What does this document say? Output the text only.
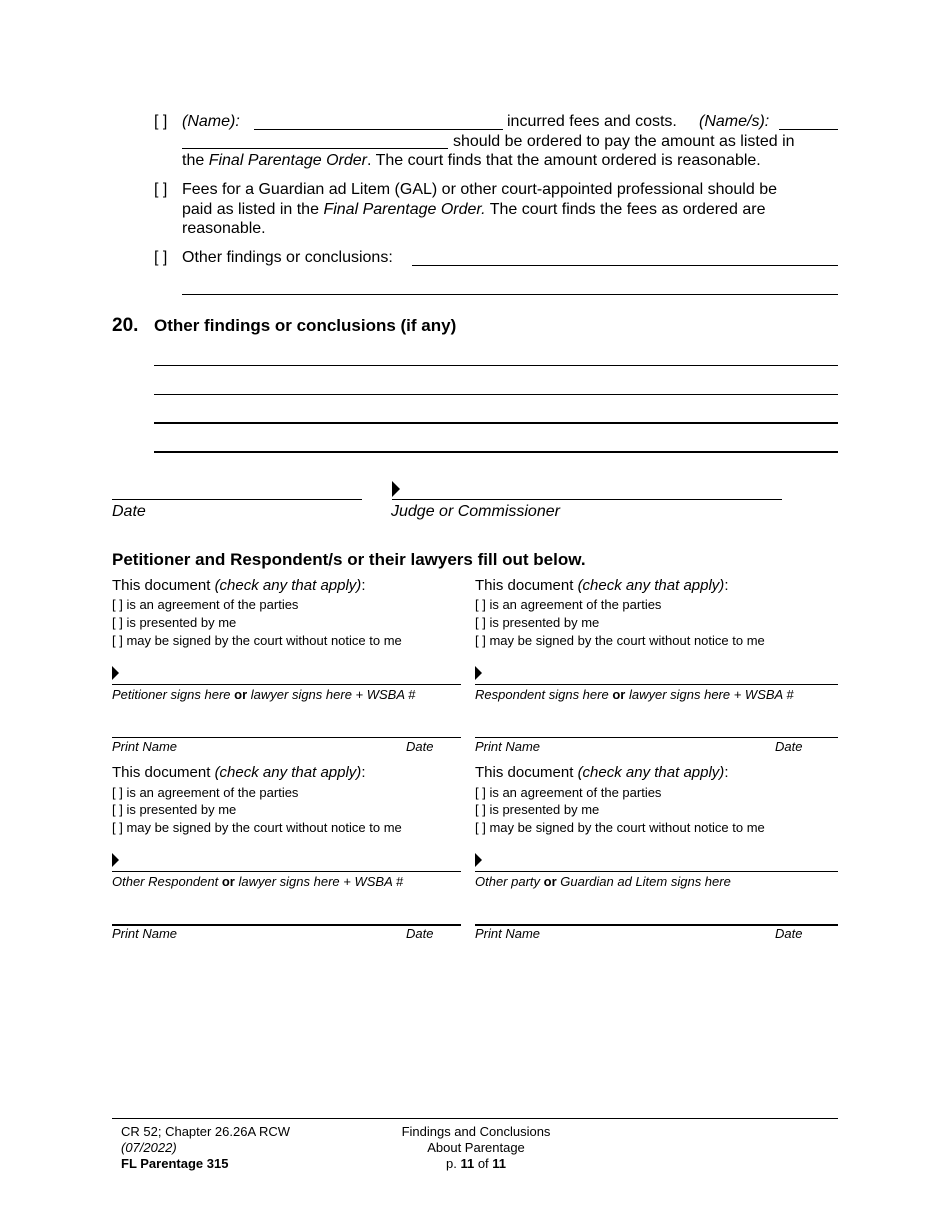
[ ] (Name):	incurred fees and costs. (Name/s):
should be ordered to pay the amount as listed in
the Final Parentage Order. The court finds that the amount ordered is reasonable.
[ ] Fees for a Guardian ad Litem (GAL) or other court-appointed professional should be
paid as listed in the Final Parentage Order. The court finds the fees as ordered are
reasonable.
[ ] Other findings or conclusions:
20. Other findings or conclusions (if any)
Date	Judge or Commissioner
Petitioner and Respondent/s or their lawyers fill out below.
This document (check any that apply):
[ ] is an agreement of the parties
[ ] is presented by me
[ ] may be signed by the court without notice to me
Petitioner signs here or lawyer signs here + WSBA #
Print Name	Date
This document (check any that apply):
[ ] is an agreement of the parties
[ ] is presented by me
[ ] may be signed by the court without notice to me
Respondent signs here or lawyer signs here + WSBA #
Print Name	Date
This document (check any that apply):
[ ] is an agreement of the parties
[ ] is presented by me
[ ] may be signed by the court without notice to me
Other Respondent or lawyer signs here + WSBA #
Print Name	Date
This document (check any that apply):
[ ] is an agreement of the parties
[ ] is presented by me
[ ] may be signed by the court without notice to me
Other party or Guardian ad Litem signs here
Print Name	Date
CR 52; Chapter 26.26A RCW
(07/2022)
FL Parentage 315
Findings and Conclusions
About Parentage
p. 11 of 11
